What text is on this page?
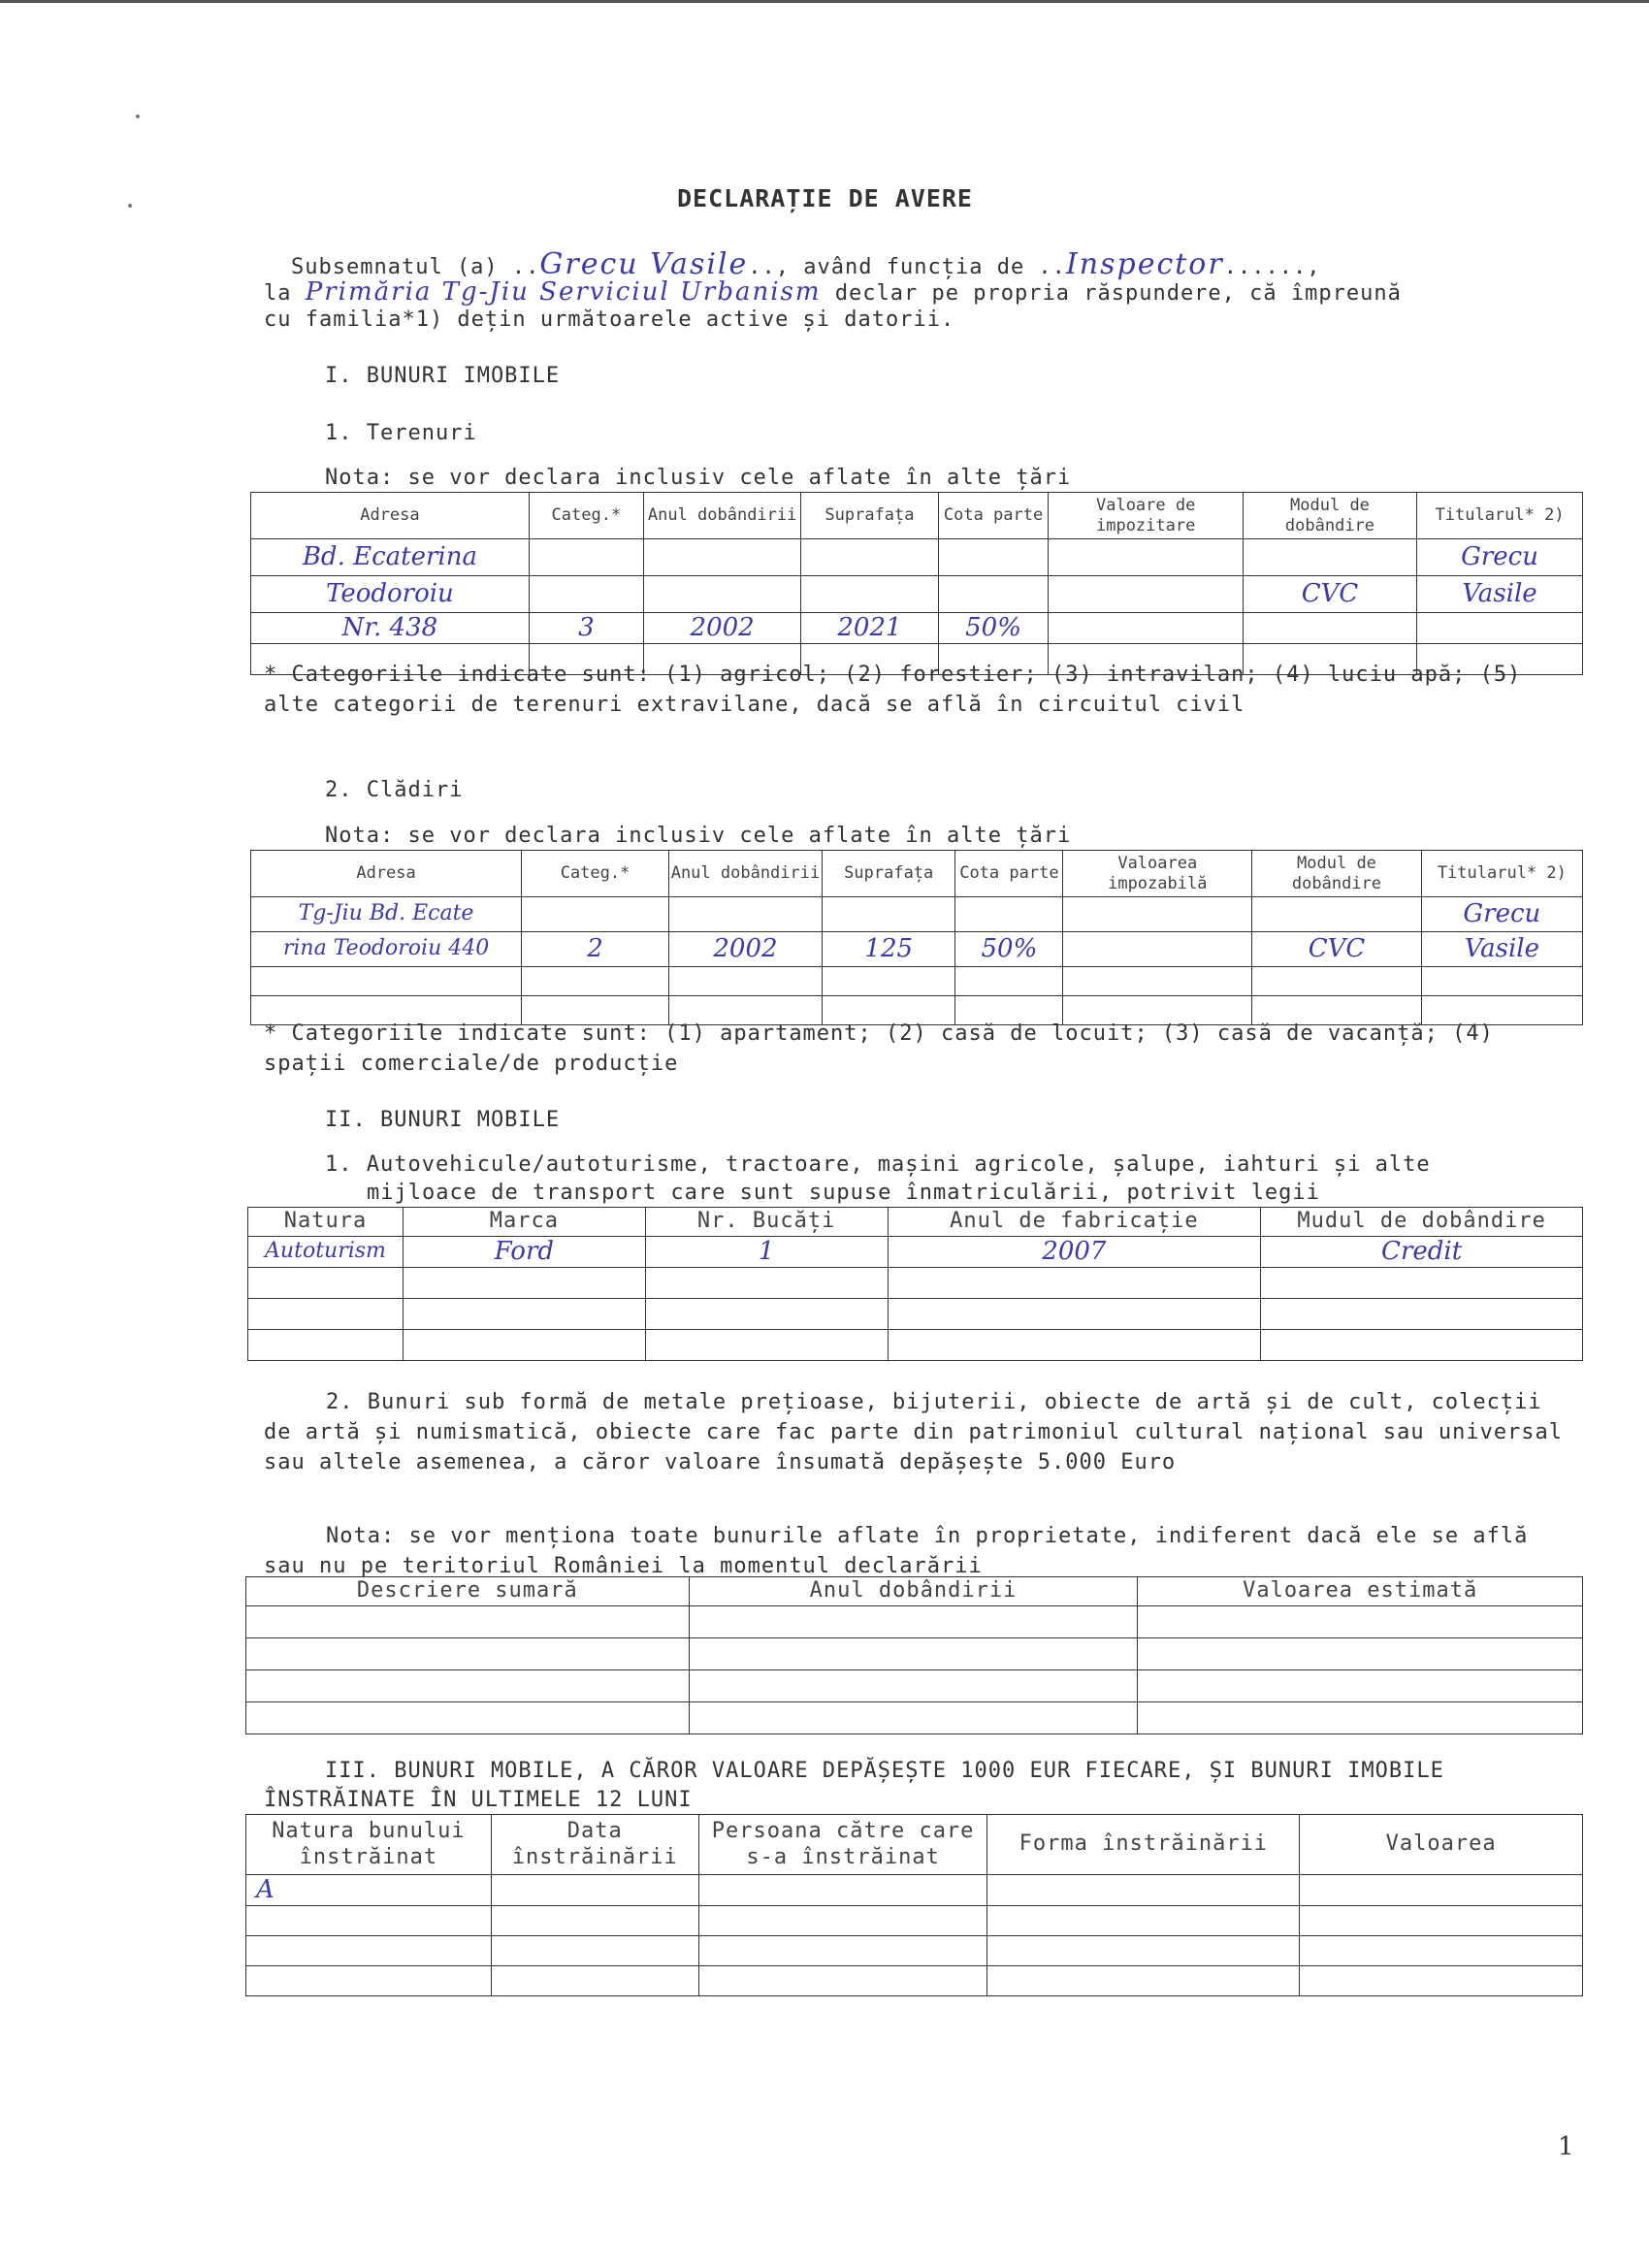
DECLARAȚIE DE AVERE
Subsemnatul (a) ..Grecu Vasile.., având funcția de ..Inspector......,
la Primăria Tg-Jiu Serviciul Urbanism declar pe propria răspundere, că împreună
cu familia*1) dețin următoarele active și datorii.
I. BUNURI IMOBILE
1. Terenuri
Nota: se vor declara inclusiv cele aflate în alte țări
Adresa	Categ.*	Anul dobândirii	Suprafața	Cota parte	Valoare de impozitare	Modul de dobândire	Titularul* 2)
Bd. Ecaterina							Grecu
Teodoroiu						CVC	Vasile
Nr. 438	3	2002	2021	50%			

* Categoriile indicate sunt: (1) agricol; (2) forestier; (3) intravilan; (4) luciu apă; (5) alte categorii de terenuri extravilane, dacă se află în circuitul civil
2. Clădiri
Nota: se vor declara inclusiv cele aflate în alte țări
Adresa	Categ.*	Anul dobândirii	Suprafața	Cota parte	Valoarea impozabilă	Modul de dobândire	Titularul* 2)
Tg-Jiu Bd. Ecate							Grecu
rina Teodoroiu 440	2	2002	125	50%		CVC	Vasile

* Categoriile indicate sunt: (1) apartament; (2) casă de locuit; (3) casă de vacanță; (4) spații comerciale/de producție
II. BUNURI MOBILE
1. Autovehicule/autoturisme, tractoare, mașini agricole, șalupe, iahturi și alte
mijloace de transport care sunt supuse înmatriculării, potrivit legii
Natura	Marca	Nr. Bucăți	Anul de fabricație	Mudul de dobândire
Autoturism	Ford	1	2007	Credit

2. Bunuri sub formă de metale prețioase, bijuterii, obiecte de artă și de cult, colecții de artă și numismatică, obiecte care fac parte din patrimoniul cultural național sau universal sau altele asemenea, a căror valoare însumată depășește 5.000 Euro
Nota: se vor menționa toate bunurile aflate în proprietate, indiferent dacă ele se află sau nu pe teritoriul României la momentul declarării
Descriere sumară	Anul dobândirii	Valoarea estimată

III. BUNURI MOBILE, A CĂROR VALOARE DEPĂȘEȘTE 1000 EUR FIECARE, ȘI BUNURI IMOBILE
ÎNSTRĂINATE ÎN ULTIMELE 12 LUNI
Natura bunului înstrăinat	Data înstrăinării	Persoana către care s-a înstrăinat	Forma înstrăinării	Valoarea
A				

1
